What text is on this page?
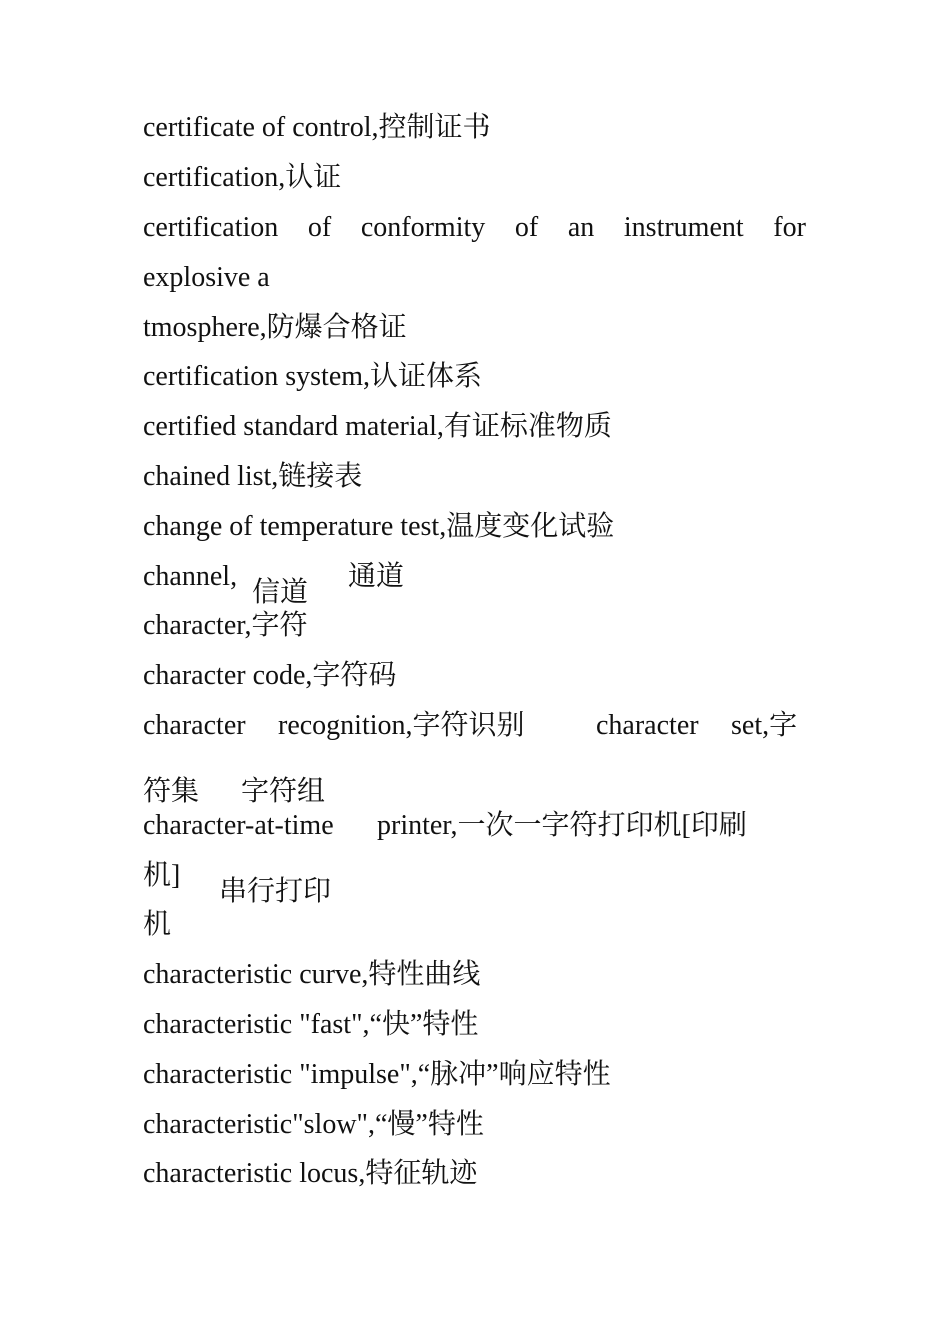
certificate of control,控制证书

certification,认证

certification of conformity of an instrument for

explosive a

tmosphere,防爆合格证

certification system,认证体系

certified standard material,有证标准物质

chained list,链接表

change of temperature test,温度变化试验

channel,

信道
通道

character,字符

character code,字符码

character recognition,字符识别	character set,字
符集 字符组
character-at-time printer,一次一字符打印机[印刷
机]
串行打印
机

characteristic curve,特性曲线

characteristic "fast",“快”特性

characteristic "impulse",“脉冲”响应特性

characteristic"slow",“慢”特性

characteristic locus,特征轨迹
